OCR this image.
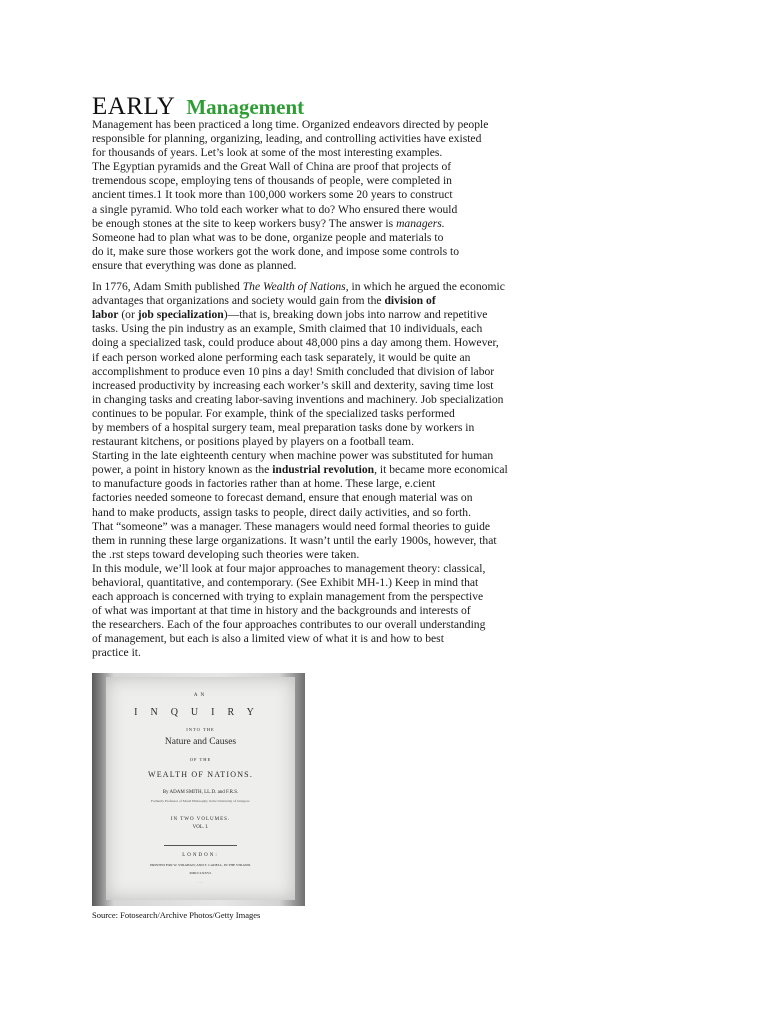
EARLY Management
Management has been practiced a long time. Organized endeavors directed by people
responsible for planning, organizing, leading, and controlling activities have existed
for thousands of years. Let’s look at some of the most interesting examples.
The Egyptian pyramids and the Great Wall of China are proof that projects of
tremendous scope, employing tens of thousands of people, were completed in
ancient times.1 It took more than 100,000 workers some 20 years to construct
a single pyramid. Who told each worker what to do? Who ensured there would
be enough stones at the site to keep workers busy? The answer is managers.
Someone had to plan what was to be done, organize people and materials to
do it, make sure those workers got the work done, and impose some controls to
ensure that everything was done as planned.
In 1776, Adam Smith published The Wealth of Nations, in which he argued the economic
advantages that organizations and society would gain from the division of
labor (or job specialization)—that is, breaking down jobs into narrow and repetitive
tasks. Using the pin industry as an example, Smith claimed that 10 individuals, each
doing a specialized task, could produce about 48,000 pins a day among them. However,
if each person worked alone performing each task separately, it would be quite an
accomplishment to produce even 10 pins a day! Smith concluded that division of labor
increased productivity by increasing each worker’s skill and dexterity, saving time lost
in changing tasks and creating labor-saving inventions and machinery. Job specialization
continues to be popular. For example, think of the specialized tasks performed
by members of a hospital surgery team, meal preparation tasks done by workers in
restaurant kitchens, or positions played by players on a football team.
Starting in the late eighteenth century when machine power was substituted for human
power, a point in history known as the industrial revolution, it became more economical
to manufacture goods in factories rather than at home. These large, e.cient
factories needed someone to forecast demand, ensure that enough material was on
hand to make products, assign tasks to people, direct daily activities, and so forth.
That “someone” was a manager. These managers would need formal theories to guide
them in running these large organizations. It wasn’t until the early 1900s, however, that
the .rst steps toward developing such theories were taken.
In this module, we’ll look at four major approaches to management theory: classical,
behavioral, quantitative, and contemporary. (See Exhibit MH-1.) Keep in mind that
each approach is concerned with trying to explain management from the perspective
of what was important at that time in history and the backgrounds and interests of
the researchers. Each of the four approaches contributes to our overall understanding
of management, but each is also a limited view of what it is and how to best
practice it.
AN
INQUIRY
INTO THE
Nature and Causes
OF THE
WEALTH OF NATIONS.
By ADAM SMITH, LL.D. and F.R.S.
Formerly Professor of Moral Philosophy in the University of Glasgow.
IN TWO VOLUMES.
VOL. I.
LONDON:
PRINTED FOR W. STRAHAN; AND T. CADELL, IN THE STRAND.
MDCCLXXVI.
· · ·
Source: Fotosearch/Archive Photos/Getty Images
